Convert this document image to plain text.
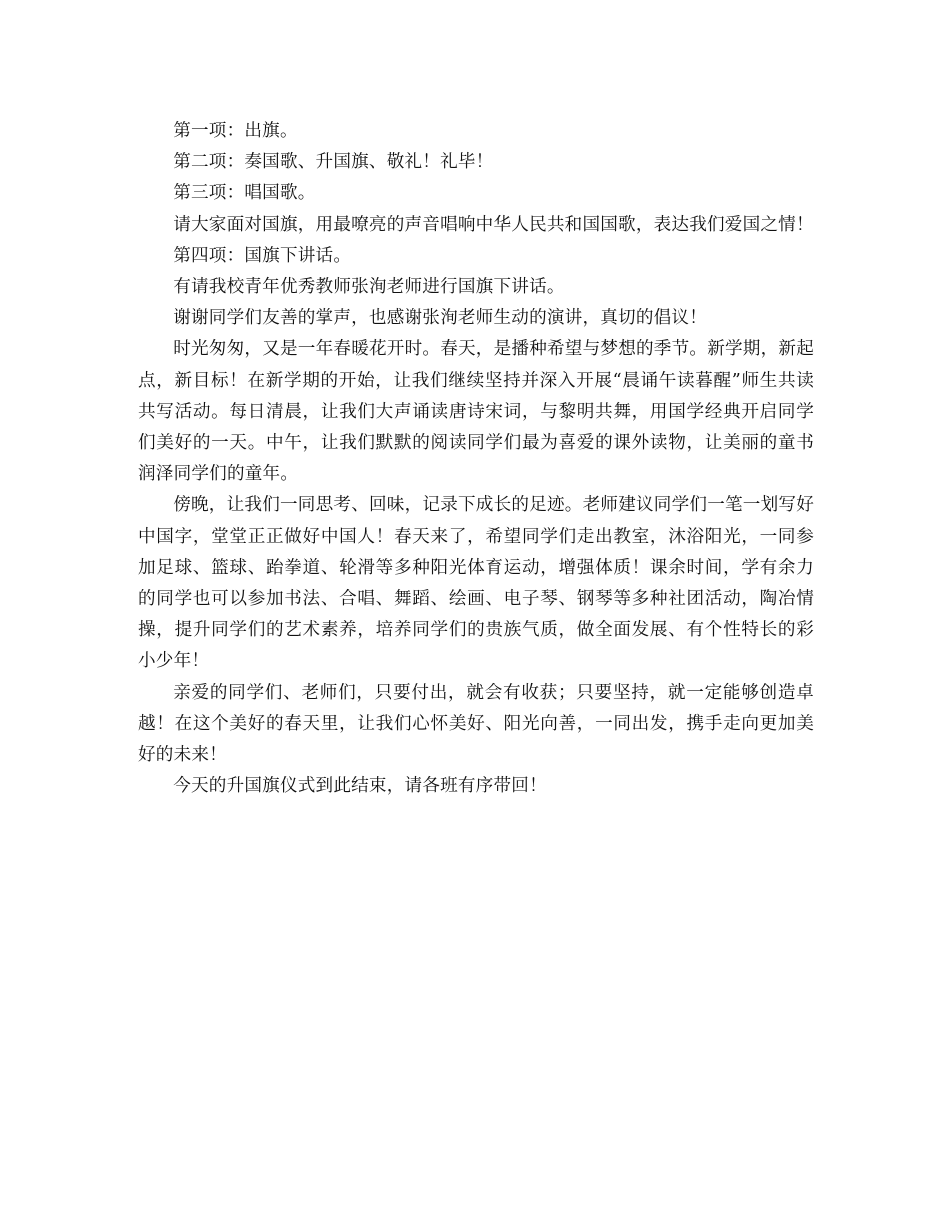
第一项：出旗。

第二项：奏国歌、升国旗、敬礼！礼毕！

第三项：唱国歌。

请大家面对国旗，用最嘹亮的声音唱响中华人民共和国国歌，表达我们爱国之情！

第四项：国旗下讲话。

有请我校青年优秀教师张洵老师进行国旗下讲话。

谢谢同学们友善的掌声，也感谢张洵老师生动的演讲，真切的倡议！

时光匆匆，又是一年春暖花开时。春天，是播种希望与梦想的季节。新学期，新起点，新目标！在新学期的开始，让我们继续坚持并深入开展“晨诵午读暮醒”师生共读共写活动。每日清晨，让我们大声诵读唐诗宋词，与黎明共舞，用国学经典开启同学们美好的一天。中午，让我们默默的阅读同学们最为喜爱的课外读物，让美丽的童书润泽同学们的童年。

傍晚，让我们一同思考、回味，记录下成长的足迹。老师建议同学们一笔一划写好中国字，堂堂正正做好中国人！春天来了，希望同学们走出教室，沐浴阳光，一同参加足球、篮球、跆拳道、轮滑等多种阳光体育运动，增强体质！课余时间，学有余力的同学也可以参加书法、合唱、舞蹈、绘画、电子琴、钢琴等多种社团活动，陶冶情操，提升同学们的艺术素养，培养同学们的贵族气质，做全面发展、有个性特长的彩小少年！

亲爱的同学们、老师们，只要付出，就会有收获；只要坚持，就一定能够创造卓越！在这个美好的春天里，让我们心怀美好、阳光向善，一同出发，携手走向更加美好的未来！

今天的升国旗仪式到此结束，请各班有序带回！
